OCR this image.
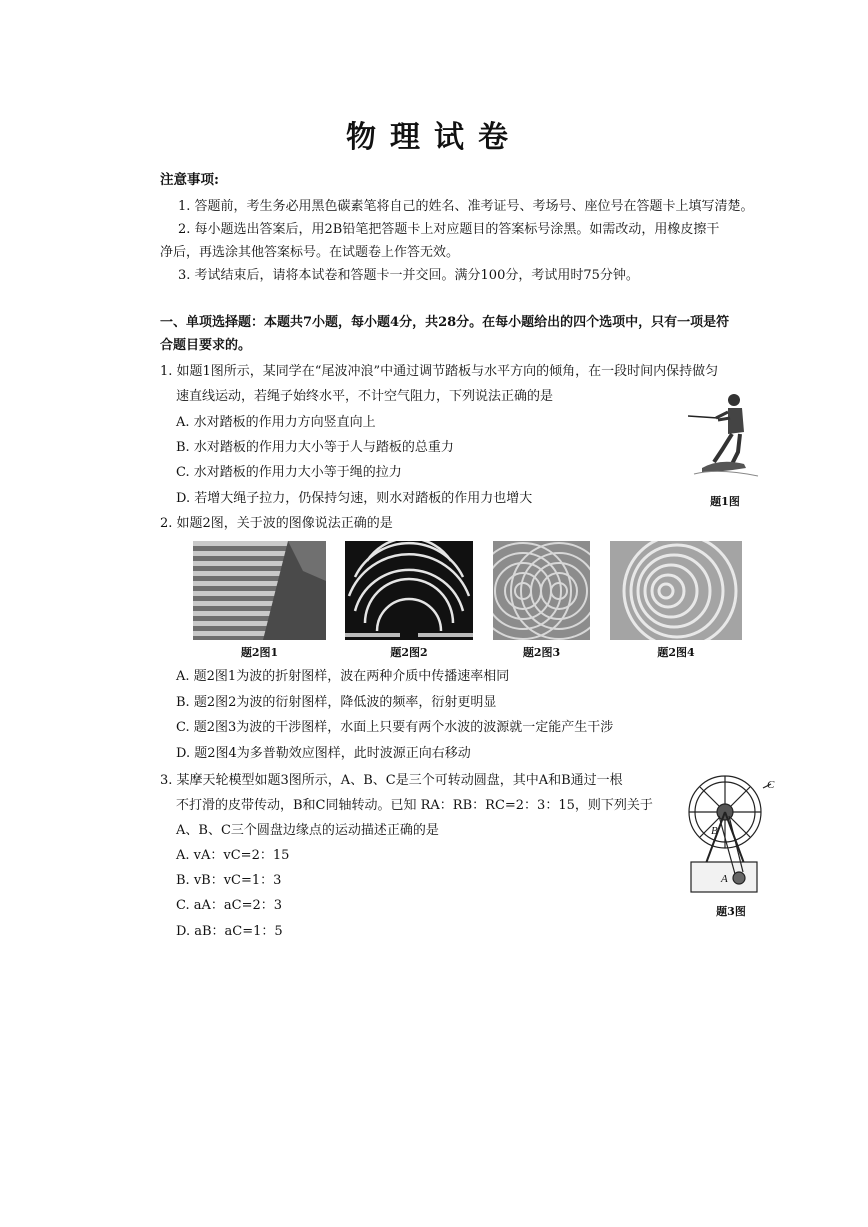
物理试卷
注意事项:
1. 答题前，考生务必用黑色碳素笔将自己的姓名、准考证号、考场号、座位号在答题卡上填写清楚。
2. 每小题选出答案后，用2B铅笔把答题卡上对应题目的答案标号涂黑。如需改动，用橡皮擦干
净后，再选涂其他答案标号。在试题卷上作答无效。
3. 考试结束后，请将本试卷和答题卡一并交回。满分100分，考试用时75分钟。
一、单项选择题：本题共7小题，每小题4分，共28分。在每小题给出的四个选项中，只有一项是符
合题目要求的。
1. 如题1图所示，某同学在“尾波冲浪”中通过调节踏板与水平方向的倾角，在一段时间内保持做匀
速直线运动，若绳子始终水平，不计空气阻力，下列说法正确的是
A. 水对踏板的作用力方向竖直向上
B. 水对踏板的作用力大小等于人与踏板的总重力
C. 水对踏板的作用力大小等于绳的拉力
D. 若增大绳子拉力，仍保持匀速，则水对踏板的作用力也增大	题1图
2. 如题2图，关于波的图像说法正确的是
题2图1	题2图2	题2图3	题2图4
A. 题2图1为波的折射图样，波在两种介质中传播速率相同
B. 题2图2为波的衍射图样，降低波的频率，衍射更明显
C. 题2图3为波的干涉图样，水面上只要有两个水波的波源就一定能产生干涉
D. 题2图4为多普勒效应图样，此时波源正向右移动
3. 某摩天轮模型如题3图所示，A、B、C是三个可转动圆盘，其中A和B通过一根
不打滑的皮带传动，B和C同轴转动。已知 RA：RB：RC=2：3：15，则下列关于
A、B、C三个圆盘边缘点的运动描述正确的是
A. vA：vC=2：15
B. vB：vC=1：3
C. aA：aC=2：3
D. aB：aC=1：5
C
B
A
题3图
